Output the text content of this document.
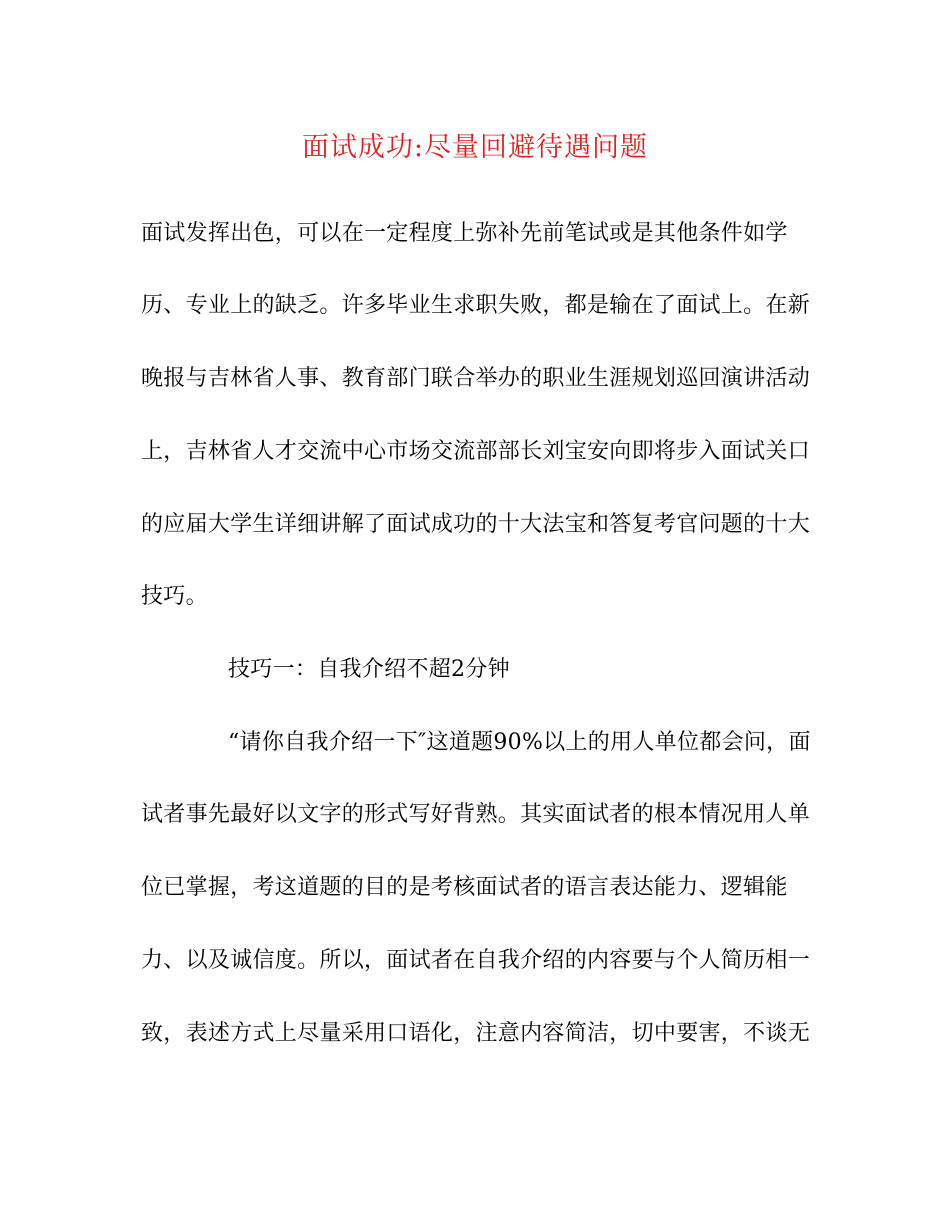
面试成功:尽量回避待遇问题
面试发挥出色，可以在一定程度上弥补先前笔试或是其他条件如学
历、专业上的缺乏。许多毕业生求职失败，都是输在了面试上。在新
晚报与吉林省人事、教育部门联合举办的职业生涯规划巡回演讲活动
上，吉林省人才交流中心市场交流部部长刘宝安向即将步入面试关口
的应届大学生详细讲解了面试成功的十大法宝和答复考官问题的十大
技巧。
技巧一：自我介绍不超2分钟
“请你自我介绍一下″这道题90%以上的用人单位都会问，面
试者事先最好以文字的形式写好背熟。其实面试者的根本情况用人单
位已掌握，考这道题的目的是考核面试者的语言表达能力、逻辑能
力、以及诚信度。所以，面试者在自我介绍的内容要与个人简历相一
致，表述方式上尽量采用口语化，注意内容简洁，切中要害，不谈无
